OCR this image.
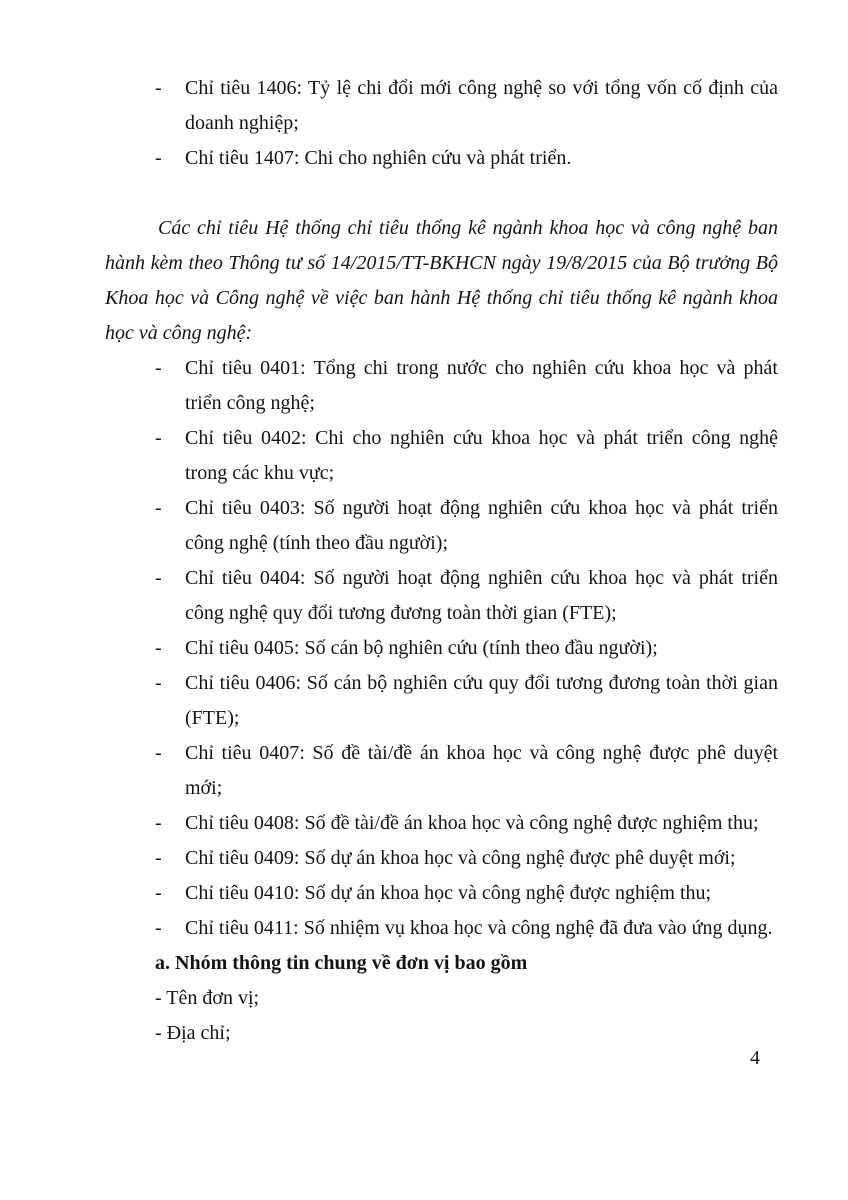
- Chỉ tiêu 1406: Tỷ lệ chi đổi mới công nghệ so với tổng vốn cố định của doanh nghiệp;
- Chỉ tiêu 1407: Chi cho nghiên cứu và phát triển.
Các chỉ tiêu Hệ thống chỉ tiêu thống kê ngành khoa học và công nghệ ban hành kèm theo Thông tư số 14/2015/TT-BKHCN ngày 19/8/2015 của Bộ trưởng Bộ Khoa học và Công nghệ về việc ban hành Hệ thống chỉ tiêu thống kê ngành khoa học và công nghệ:
- Chỉ tiêu 0401: Tổng chi trong nước cho nghiên cứu khoa học và phát triển công nghệ;
- Chỉ tiêu 0402: Chi cho nghiên cứu khoa học và phát triển công nghệ trong các khu vực;
- Chỉ tiêu 0403: Số người hoạt động nghiên cứu khoa học và phát triển công nghệ (tính theo đầu người);
- Chỉ tiêu 0404: Số người hoạt động nghiên cứu khoa học và phát triển công nghệ quy đổi tương đương toàn thời gian (FTE);
- Chỉ tiêu 0405: Số cán bộ nghiên cứu (tính theo đầu người);
- Chỉ tiêu 0406: Số cán bộ nghiên cứu quy đổi tương đương toàn thời gian (FTE);
- Chỉ tiêu 0407: Số đề tài/đề án khoa học và công nghệ được phê duyệt mới;
- Chỉ tiêu 0408: Số đề tài/đề án khoa học và công nghệ được nghiệm thu;
- Chỉ tiêu 0409: Số dự án khoa học và công nghệ được phê duyệt mới;
- Chỉ tiêu 0410: Số dự án khoa học và công nghệ được nghiệm thu;
- Chỉ tiêu 0411: Số nhiệm vụ khoa học và công nghệ đã đưa vào ứng dụng.
a. Nhóm thông tin chung về đơn vị bao gồm
- Tên đơn vị;
- Địa chỉ;
4
